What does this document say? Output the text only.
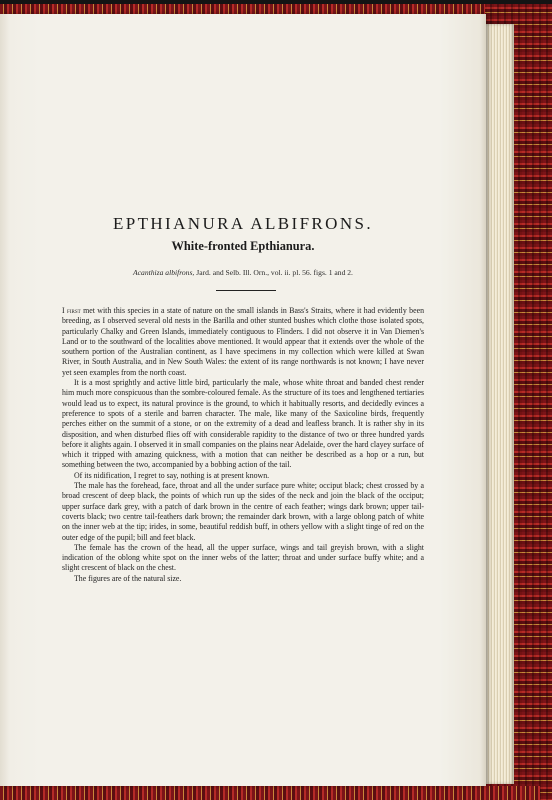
EPTHIANURA ALBIFRONS.
White-fronted Epthianura.

Acanthiza albifrons, Jard. and Selb. Ill. Orn., vol. ii. pl. 56. figs. 1 and 2.

I first met with this species in a state of nature on the small islands in Bass's Straits, where it had evidently been breeding, as I observed several old nests in the Barilla and other stunted bushes which clothe those isolated spots, particularly Chalky and Green Islands, immediately contiguous to Flinders. I did not observe it in Van Diemen's Land or to the southward of the localities above mentioned. It would appear that it extends over the whole of the southern portion of the Australian continent, as I have specimens in my collection which were killed at Swan River, in South Australia, and in New South Wales: the extent of its range northwards is not known; I have never yet seen examples from the north coast.

It is a most sprightly and active little bird, particularly the male, whose white throat and banded chest render him much more conspicuous than the sombre-coloured female. As the structure of its toes and lengthened tertiaries would lead us to expect, its natural province is the ground, to which it habitually resorts, and decidedly evinces a preference to spots of a sterile and barren character. The male, like many of the Saxicoline birds, frequently perches either on the summit of a stone, or on the extremity of a dead and leafless branch. It is rather shy in its disposition, and when disturbed flies off with considerable rapidity to the distance of two or three hundred yards before it alights again. I observed it in small companies on the plains near Adelaide, over the hard clayey surface of which it tripped with amazing quickness, with a motion that can neither be described as a hop or a run, but something between the two, accompanied by a bobbing action of the tail.

Of its nidification, I regret to say, nothing is at present known.

The male has the forehead, face, throat and all the under surface pure white; occiput black; chest crossed by a broad crescent of deep black, the points of which run up the sides of the neck and join the black of the occiput; upper surface dark grey, with a patch of dark brown in the centre of each feather; wings dark brown; upper tail-coverts black; two centre tail-feathers dark brown; the remainder dark brown, with a large oblong patch of white on the inner web at the tip; irides, in some, beautiful reddish buff, in others yellow with a slight tinge of red on the outer edge of the pupil; bill and feet black.

The female has the crown of the head, all the upper surface, wings and tail greyish brown, with a slight indication of the oblong white spot on the inner webs of the latter; throat and under surface buffy white; and a slight crescent of black on the chest.

The figures are of the natural size.
